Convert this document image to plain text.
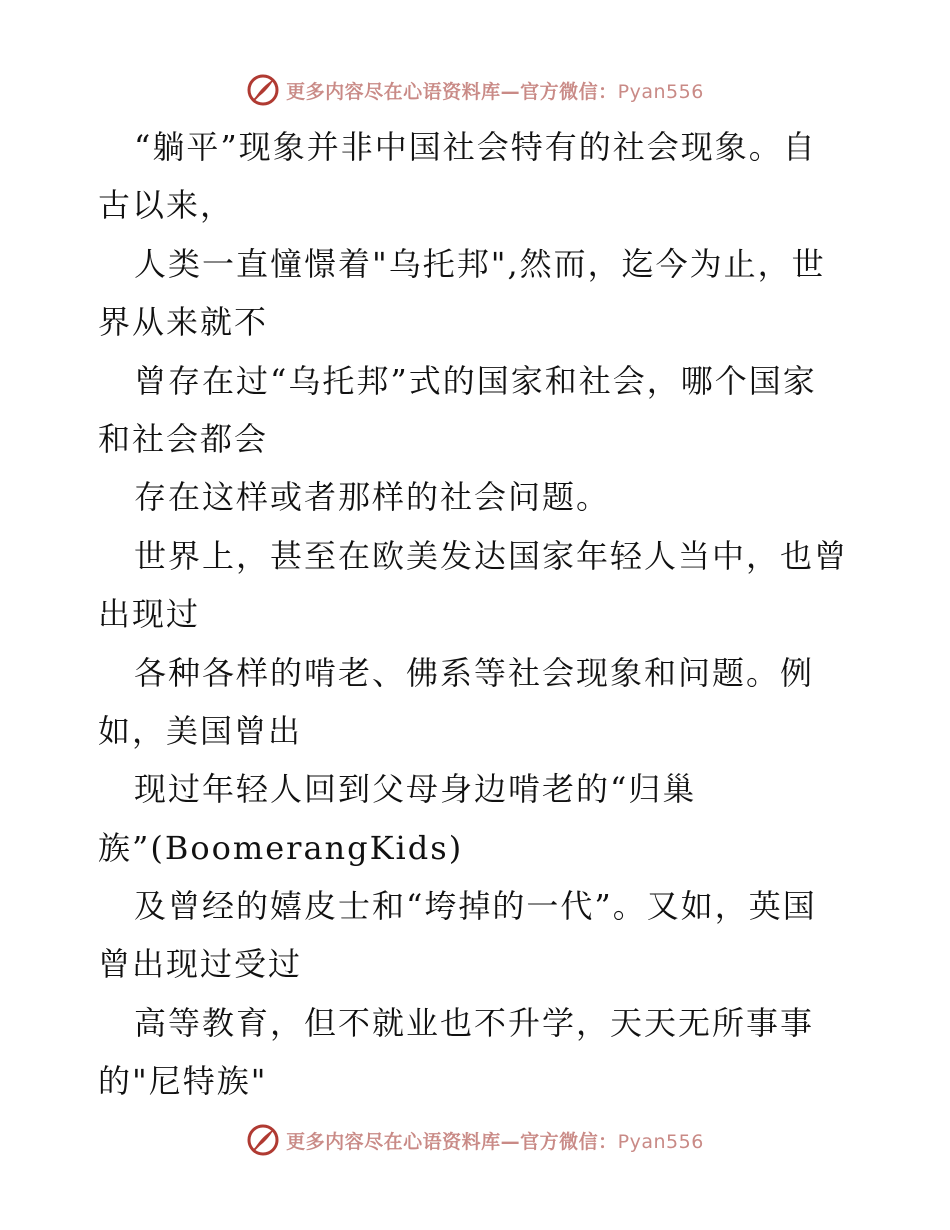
更多内容尽在心语资料库—官方微信：Pyan556
“躺平”现象并非中国社会特有的社会现象。自
古以来，
人类一直憧憬着"乌托邦",然而，迄今为止，世
界从来就不
曾存在过“乌托邦”式的国家和社会，哪个国家
和社会都会
存在这样或者那样的社会问题。
世界上，甚至在欧美发达国家年轻人当中，也曾
出现过
各种各样的啃老、佛系等社会现象和问题。例
如，美国曾出
现过年轻人回到父母身边啃老的“归巢
族”(BoomerangKids)
及曾经的嬉皮士和“垮掉的一代”。又如，英国
曾出现过受过
高等教育，但不就业也不升学，天天无所事事
的"尼特族"
更多内容尽在心语资料库—官方微信：Pyan556
